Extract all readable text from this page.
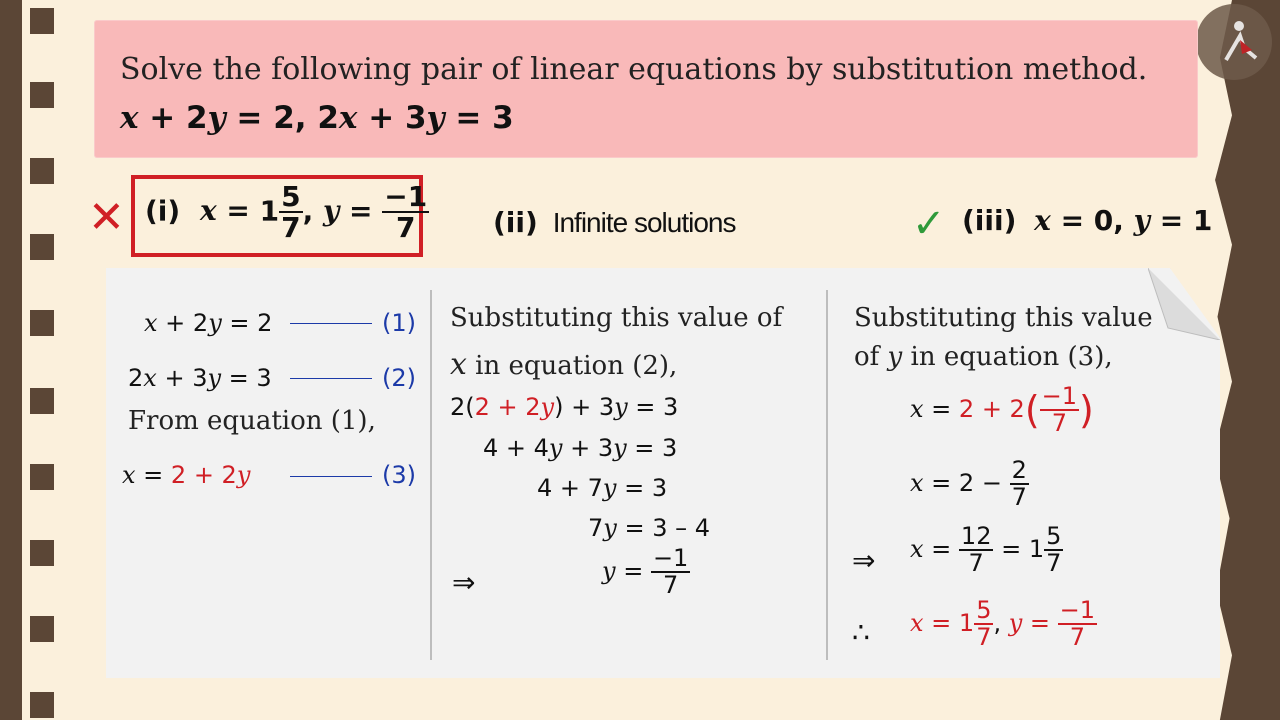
Solve the following pair of linear equations by substitution method.
x + 2y = 2, 2x + 3y = 3
✕ (i) $x = 1 \frac{5}{7}$ , $y = \frac{-1}{7} (ii)$ Infinite solutions	✓ (iii) x = 0, y = 1
x + 2y = 2	(1)
2x + 3y = 3	(2)
From equation (1),
x = 2 + 2y	(3)
Substituting this value of
x in equation (2),
2(2 + 2y) + 3y = 3
4 + 4y + 3y = 3
4 + 7y = 3
7y = 3 – 4
⇒	$y = \frac{-1}{7}$
Substituting this value
of y in equation (3),
$x = 2 + 2( \frac{-1}{7}$ )
$x = 2 - \frac{2}{7}$
⇒ $x = \frac{12}{7} = 1 \frac{5}{7}$
∴ $x = 1 \frac{5}{7}$ , $y = \frac{-1}{7}$
